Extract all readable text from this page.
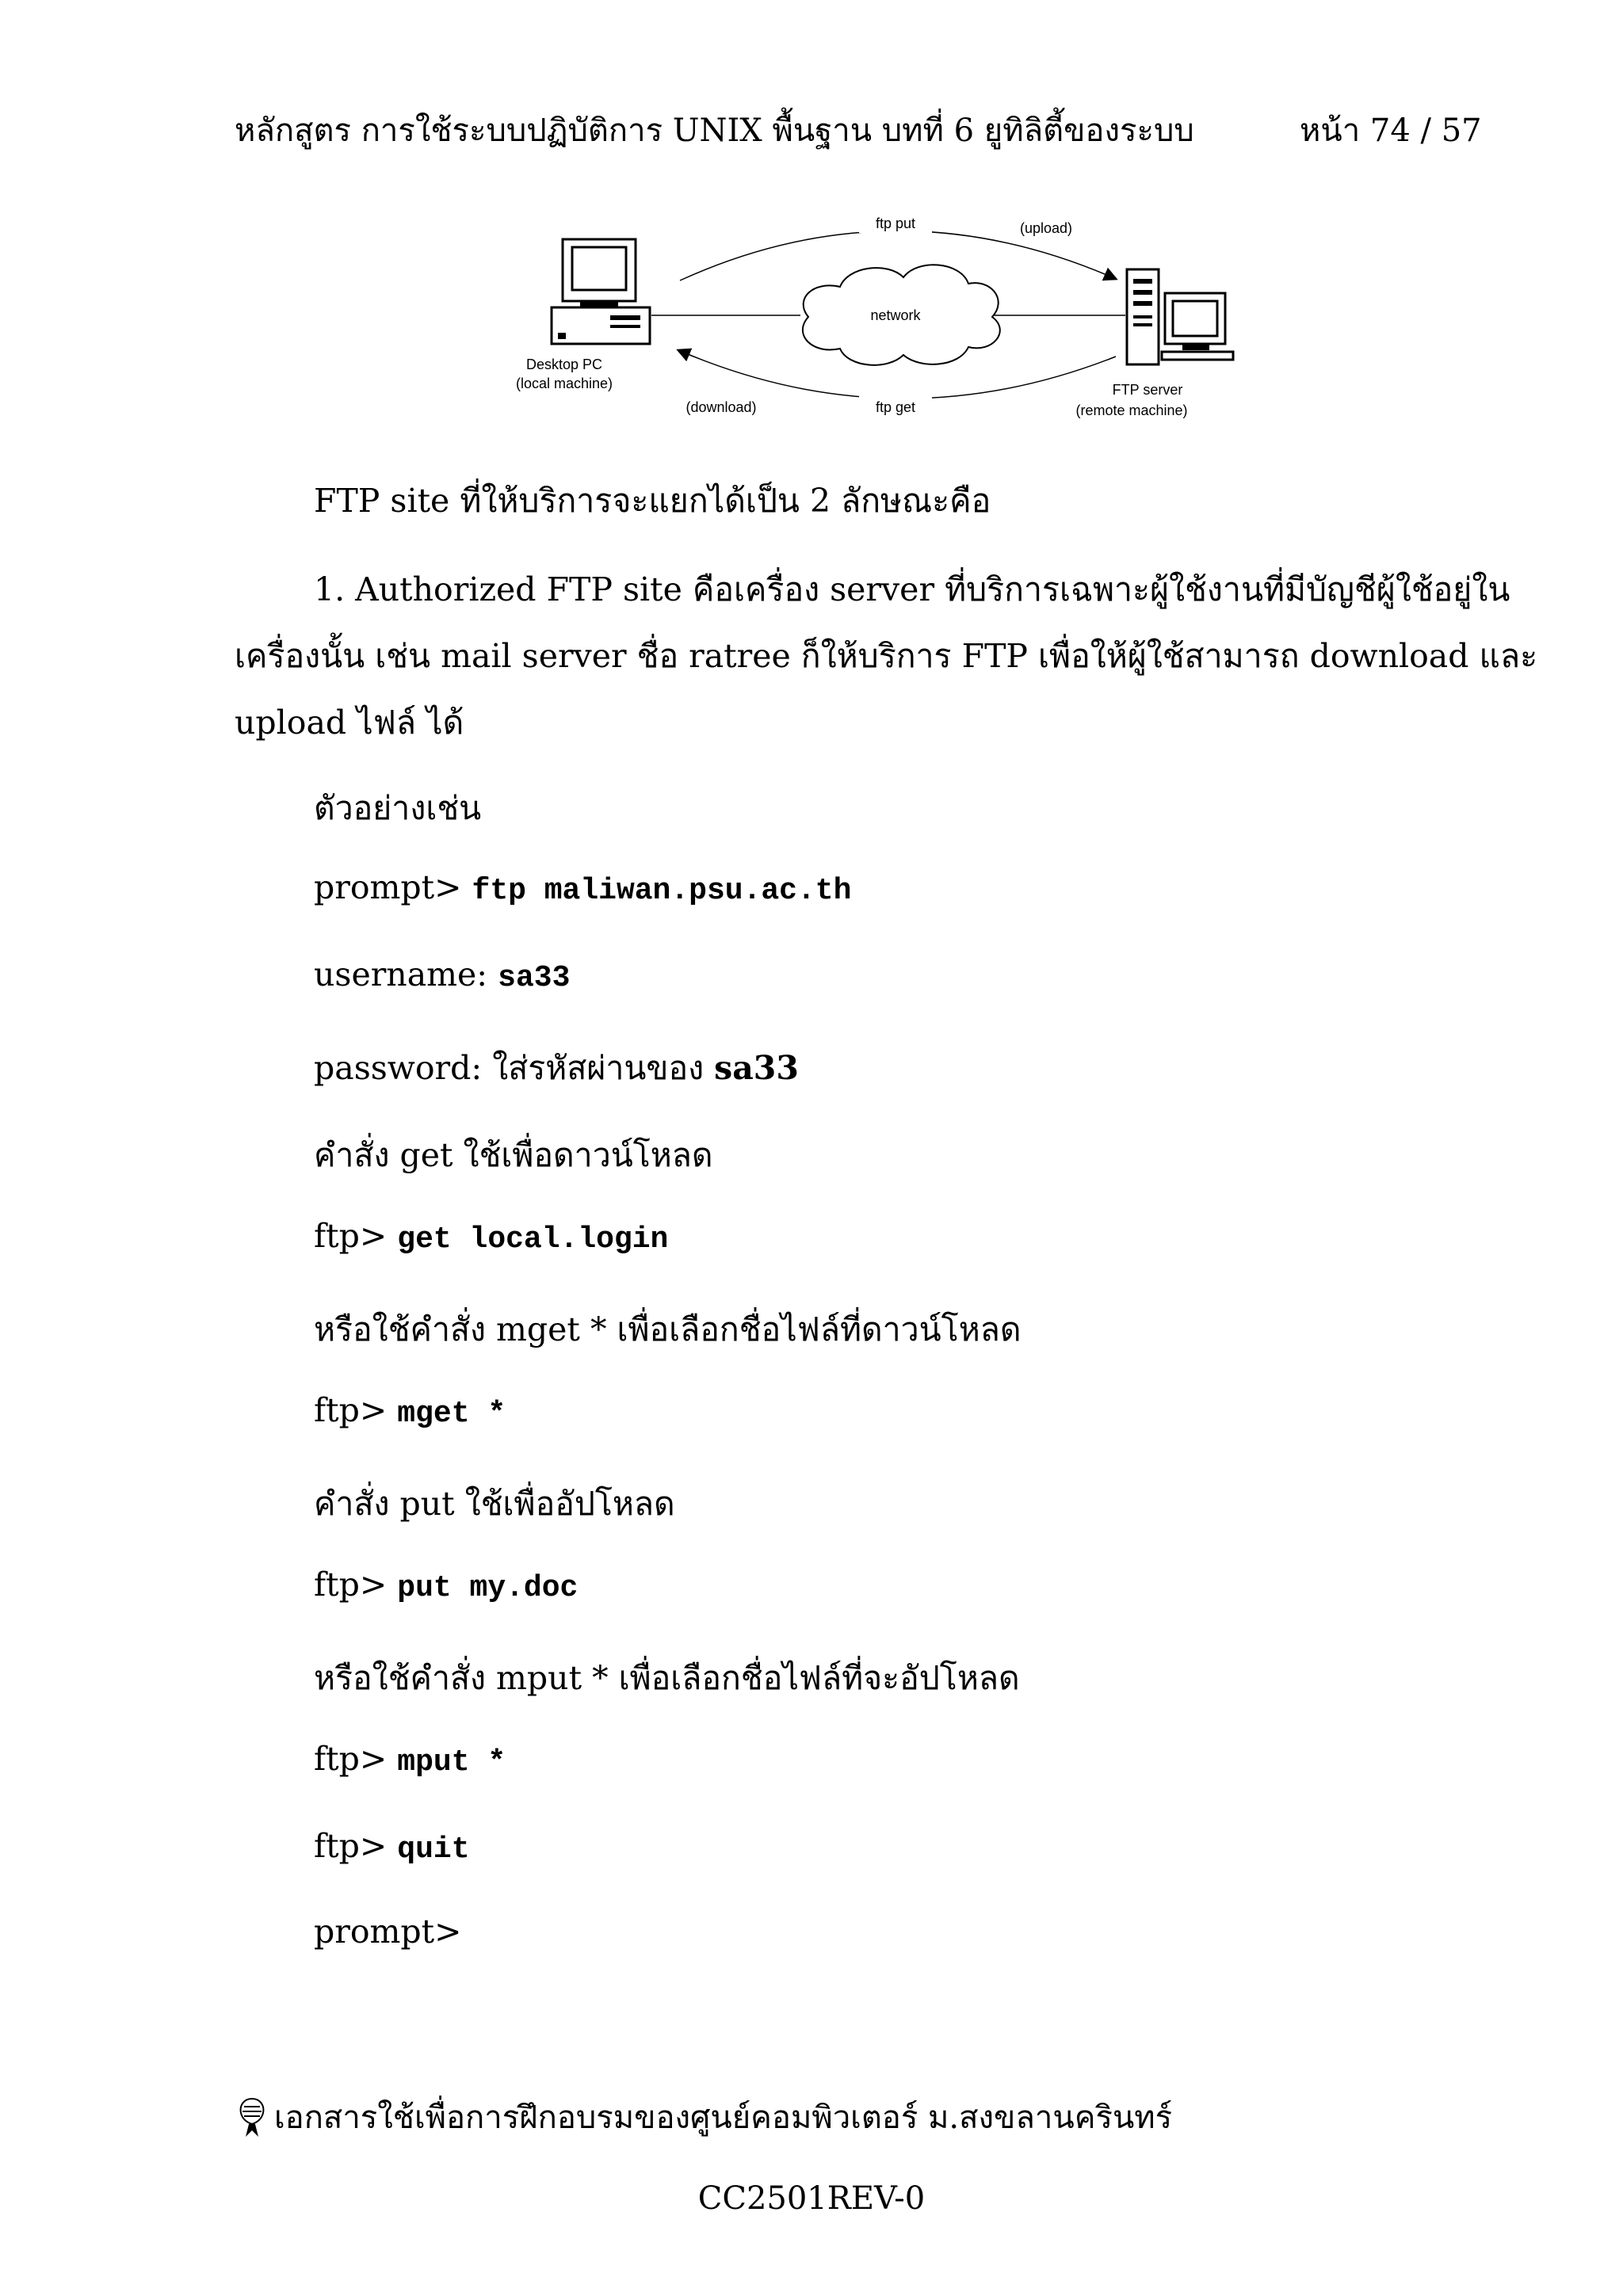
หลักสูตร การใช้ระบบปฏิบัติการ UNIX พื้นฐาน บทที่ 6 ยูทิลิตี้ของระบบ	หน้า 74 / 57
network
ftp put	(upload)
ftp get
(download)
Desktop PC
(local machine)	FTP server
(remote machine)
FTP site ที่ให้บริการจะแยกได้เป็น 2 ลักษณะคือ
1. Authorized FTP site คือเครื่อง server ที่บริการเฉพาะผู้ใช้งานที่มีบัญชีผู้ใช้อยู่ใน
เครื่องนั้น เช่น mail server ชื่อ ratree ก็ให้บริการ FTP เพื่อให้ผู้ใช้สามารถ download และ
upload ไฟล์ ได้
ตัวอย่างเช่น
prompt> ftp maliwan.psu.ac.th
username: sa33
password: ใส่รหัสผ่านของ sa33
คำสั่ง get ใช้เพื่อดาวน์โหลด
ftp> get local.login
หรือใช้คำสั่ง mget * เพื่อเลือกชื่อไฟล์ที่ดาวน์โหลด
ftp> mget *
คำสั่ง put ใช้เพื่ออัปโหลด
ftp> put my.doc
หรือใช้คำสั่ง mput * เพื่อเลือกชื่อไฟล์ที่จะอัปโหลด
ftp> mput *
ftp> quit
prompt>
เอกสารใช้เพื่อการฝึกอบรมของศูนย์คอมพิวเตอร์ ม.สงขลานครินทร์
CC2501REV-0
